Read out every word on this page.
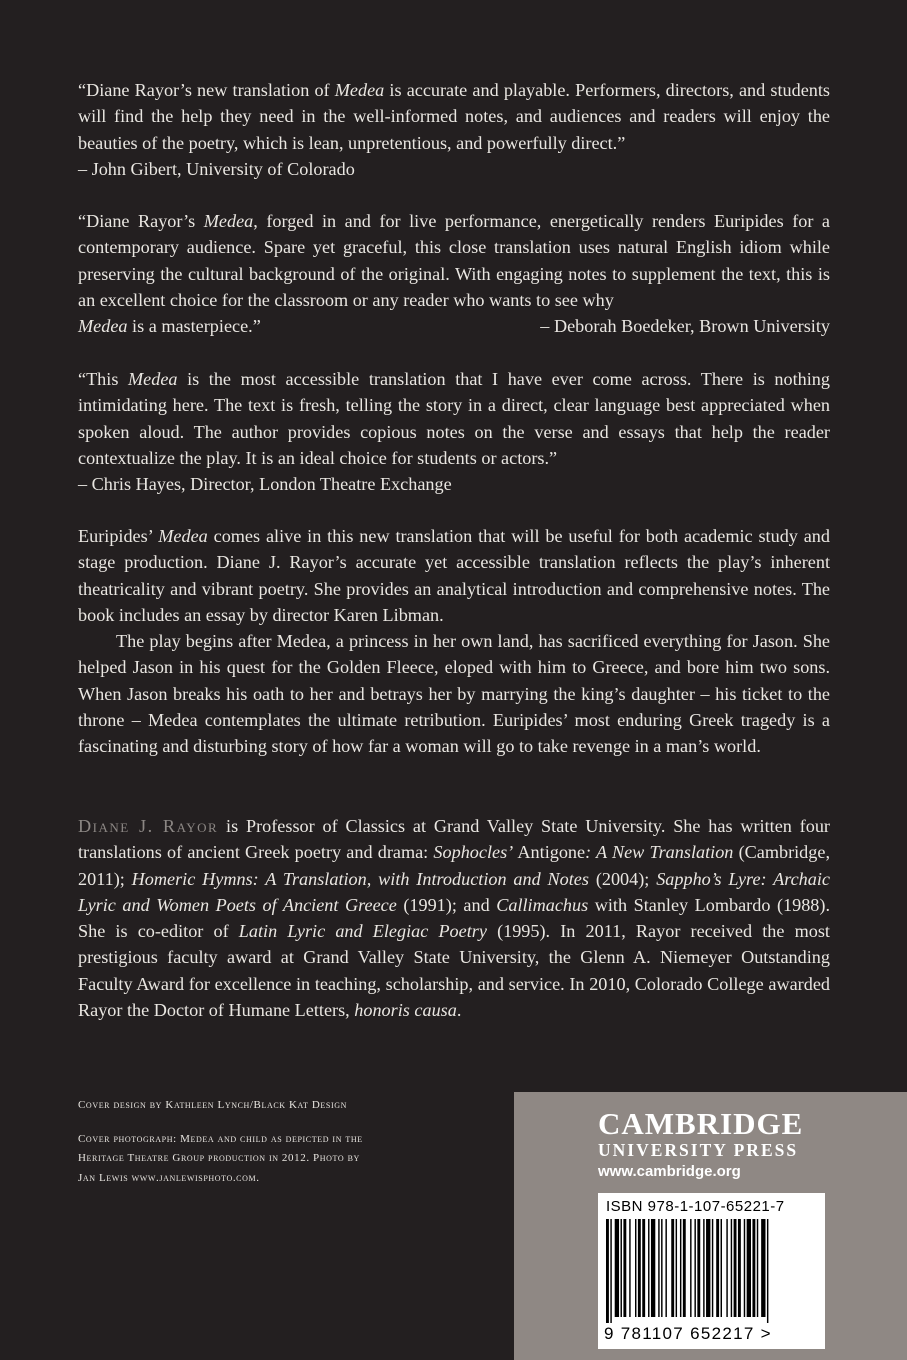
“Diane Rayor’s new translation of Medea is accurate and playable. Performers, directors, and students will find the help they need in the well-informed notes, and audiences and readers will enjoy the beauties of the poetry, which is lean, unpretentious, and powerfully direct.”

– John Gibert, University of Colorado

“Diane Rayor’s Medea, forged in and for live performance, energetically renders Euripides for a contemporary audience. Spare yet graceful, this close translation uses natural English idiom while preserving the cultural background of the original. With engaging notes to supplement the text, this is an excellent choice for the classroom or any reader who wants to see why

Medea is a masterpiece.”	– Deborah Boedeker, Brown University

“This Medea is the most accessible translation that I have ever come across. There is nothing intimidating here. The text is fresh, telling the story in a direct, clear language best appreciated when spoken aloud. The author provides copious notes on the verse and essays that help the reader contextualize the play. It is an ideal choice for students or actors.”

– Chris Hayes, Director, London Theatre Exchange

Euripides’ Medea comes alive in this new translation that will be useful for both academic study and stage production. Diane J. Rayor’s accurate yet accessible translation reflects the play’s inherent theatricality and vibrant poetry. She provides an analytical introduction and comprehensive notes. The book includes an essay by director Karen Libman.

The play begins after Medea, a princess in her own land, has sacrificed everything for Jason. She helped Jason in his quest for the Golden Fleece, eloped with him to Greece, and bore him two sons. When Jason breaks his oath to her and betrays her by marrying the king’s daughter – his ticket to the throne – Medea contemplates the ultimate retribution. Euripides’ most enduring Greek tragedy is a fascinating and disturbing story of how far a woman will go to take revenge in a man’s world.

Diane J. Rayor is Professor of Classics at Grand Valley State University. She has written four translations of ancient Greek poetry and drama: Sophocles’ Antigone: A New Translation (Cambridge, 2011); Homeric Hymns: A Translation, with Introduction and Notes (2004); Sappho’s Lyre: Archaic Lyric and Women Poets of Ancient Greece (1991); and Callimachus with Stanley Lombardo (1988). She is co-editor of Latin Lyric and Elegiac Poetry (1995). In 2011, Rayor received the most prestigious faculty award at Grand Valley State University, the Glenn A. Niemeyer Outstanding Faculty Award for excellence in teaching, scholarship, and service. In 2010, Colorado College awarded Rayor the Doctor of Humane Letters, honoris causa.

Cover design by Kathleen Lynch/Black Kat Design
Cover photograph: Medea and child as depicted in the
Heritage Theatre Group production in 2012. Photo by
Jan Lewis www.janlewisphoto.com.
CAMBRIDGE
UNIVERSITY PRESS
www.cambridge.org
ISBN 978-1-107-65221-7
9 781107 652217 >
